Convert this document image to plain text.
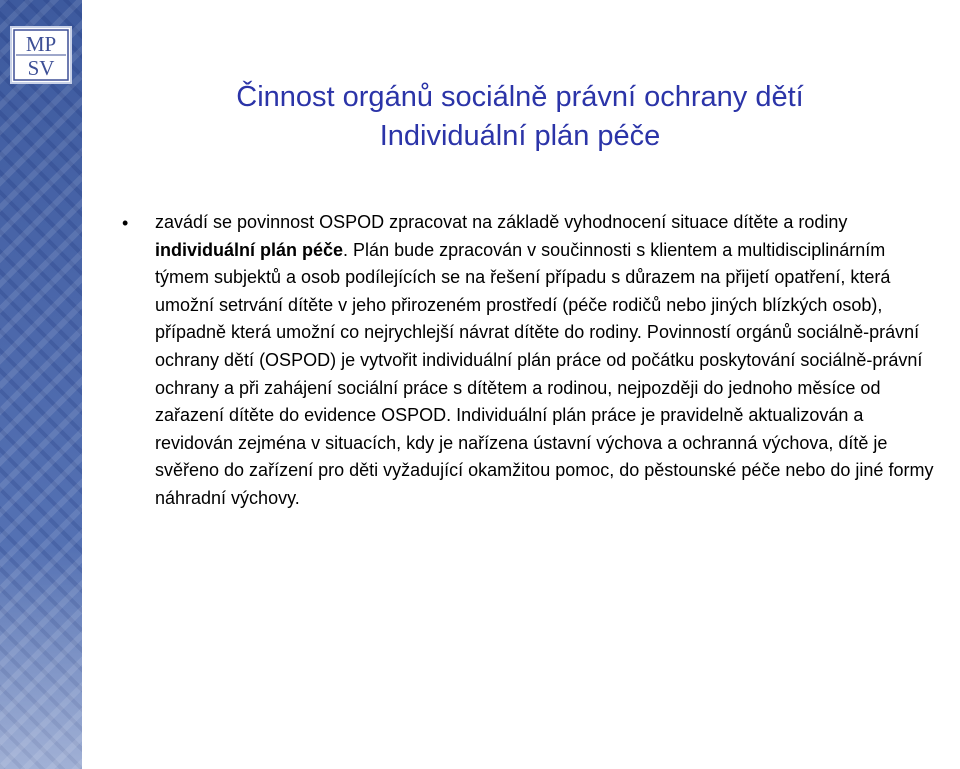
MP
SV
Činnost orgánů sociálně právní ochrany dětí
Individuální plán péče
• zavádí se povinnost OSPOD zpracovat na základě vyhodnocení situace dítěte a rodiny individuální plán péče. Plán bude zpracován v součinnosti s klientem a multidisciplinárním týmem subjektů a osob podílejících se na řešení případu s důrazem na přijetí opatření, která umožní setrvání dítěte v jeho přirozeném prostředí (péče rodičů nebo jiných blízkých osob), případně která umožní co nejrychlejší návrat dítěte do rodiny. Povinností orgánů sociálně-právní ochrany dětí (OSPOD) je vytvořit individuální plán práce od počátku poskytování sociálně-právní ochrany a při zahájení sociální práce s dítětem a rodinou, nejpozději do jednoho měsíce od zařazení dítěte do evidence OSPOD. Individuální plán práce je pravidelně aktualizován a revidován zejména v situacích, kdy je nařízena ústavní výchova a ochranná výchova, dítě je svěřeno do zařízení pro děti vyžadující okamžitou pomoc, do pěstounské péče nebo do jiné formy náhradní výchovy.
